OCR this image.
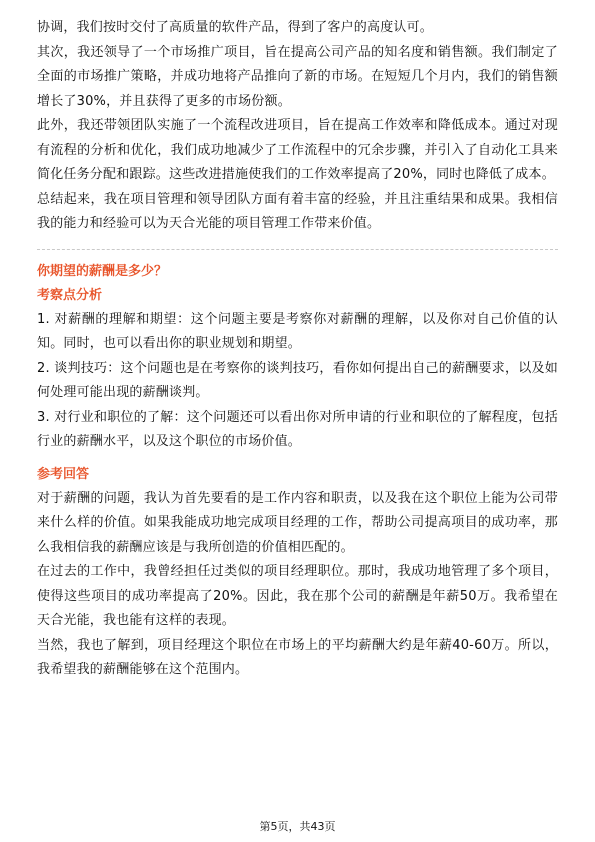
协调，我们按时交付了高质量的软件产品，得到了客户的高度认可。

其次，我还领导了一个市场推广项目，旨在提高公司产品的知名度和销售额。我们制定了全面的市场推广策略，并成功地将产品推向了新的市场。在短短几个月内，我们的销售额增长了30%，并且获得了更多的市场份额。

此外，我还带领团队实施了一个流程改进项目，旨在提高工作效率和降低成本。通过对现有流程的分析和优化，我们成功地减少了工作流程中的冗余步骤，并引入了自动化工具来简化任务分配和跟踪。这些改进措施使我们的工作效率提高了20%，同时也降低了成本。

总结起来，我在项目管理和领导团队方面有着丰富的经验，并且注重结果和成果。我相信我的能力和经验可以为天合光能的项目管理工作带来价值。

你期望的薪酬是多少？

考察点分析

1. 对薪酬的理解和期望：这个问题主要是考察你对薪酬的理解，以及你对自己价值的认知。同时，也可以看出你的职业规划和期望。

2. 谈判技巧：这个问题也是在考察你的谈判技巧，看你如何提出自己的薪酬要求，以及如何处理可能出现的薪酬谈判。

3. 对行业和职位的了解：这个问题还可以看出你对所申请的行业和职位的了解程度，包括行业的薪酬水平，以及这个职位的市场价值。

参考回答

对于薪酬的问题，我认为首先要看的是工作内容和职责，以及我在这个职位上能为公司带来什么样的价值。如果我能成功地完成项目经理的工作，帮助公司提高项目的成功率，那么我相信我的薪酬应该是与我所创造的价值相匹配的。

在过去的工作中，我曾经担任过类似的项目经理职位。那时，我成功地管理了多个项目，使得这些项目的成功率提高了20%。因此，我在那个公司的薪酬是年薪50万。我希望在天合光能，我也能有这样的表现。

当然，我也了解到，项目经理这个职位在市场上的平均薪酬大约是年薪40-60万。所以，我希望我的薪酬能够在这个范围内。

第5页，共43页
